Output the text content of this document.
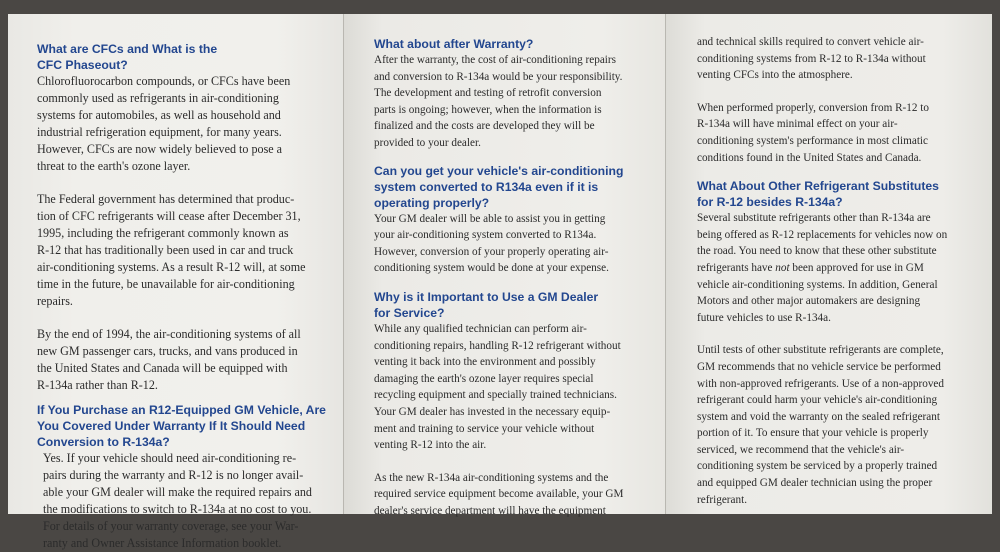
What are CFCs and What is the
CFC Phaseout?

Chlorofluorocarbon compounds, or CFCs have been
commonly used as refrigerants in air-conditioning
systems for automobiles, as well as household and
industrial refrigeration equipment, for many years.
However, CFCs are now widely believed to pose a
threat to the earth's ozone layer.

The Federal government has determined that produc-
tion of CFC refrigerants will cease after December 31,
1995, including the refrigerant commonly known as
R-12 that has traditionally been used in car and truck
air-conditioning systems. As a result R-12 will, at some
time in the future, be unavailable for air-conditioning
repairs.

By the end of 1994, the air-conditioning systems of all
new GM passenger cars, trucks, and vans produced in
the United States and Canada will be equipped with
R-134a rather than R-12.

If You Purchase an R12-Equipped GM Vehicle, Are
You Covered Under Warranty If It Should Need
Conversion to R-134a?

Yes. If your vehicle should need air-conditioning re-
pairs during the warranty and R-12 is no longer avail-
able your GM dealer will make the required repairs and
the modifications to switch to R-134a at no cost to you.
For details of your warranty coverage, see your War-
ranty and Owner Assistance Information booklet.

What about after Warranty?

After the warranty, the cost of air-conditioning repairs
and conversion to R-134a would be your responsibility.
The development and testing of retrofit conversion
parts is ongoing; however, when the information is
finalized and the costs are developed they will be
provided to your dealer.

Can you get your vehicle's air-conditioning
system converted to R134a even if it is
operating properly?

Your GM dealer will be able to assist you in getting
your air-conditioning system converted to R134a.
However, conversion of your properly operating air-
conditioning system would be done at your expense.

Why is it Important to Use a GM Dealer
for Service?

While any qualified technician can perform air-
conditioning repairs, handling R-12 refrigerant without
venting it back into the environment and possibly
damaging the earth's ozone layer requires special
recycling equipment and specially trained technicians.
Your GM dealer has invested in the necessary equip-
ment and training to service your vehicle without
venting R-12 into the air.

As the new R-134a air-conditioning systems and the
required service equipment become available, your GM
dealer's service department will have the equipment

and technical skills required to convert vehicle air-
conditioning systems from R-12 to R-134a without
venting CFCs into the atmosphere.

When performed properly, conversion from R-12 to
R-134a will have minimal effect on your air-
conditioning system's performance in most climatic
conditions found in the United States and Canada.

What About Other Refrigerant Substitutes
for R-12 besides R-134a?

Several substitute refrigerants other than R-134a are
being offered as R-12 replacements for vehicles now on
the road. You need to know that these other substitute
refrigerants have not been approved for use in GM
vehicle air-conditioning systems. In addition, General
Motors and other major automakers are designing
future vehicles to use R-134a.

Until tests of other substitute refrigerants are complete,
GM recommends that no vehicle service be performed
with non-approved refrigerants. Use of a non-approved
refrigerant could harm your vehicle's air-conditioning
system and void the warranty on the sealed refrigerant
portion of it. To ensure that your vehicle is properly
serviced, we recommend that the vehicle's air-
conditioning system be serviced by a properly trained
and equipped GM dealer technician using the proper
refrigerant.
